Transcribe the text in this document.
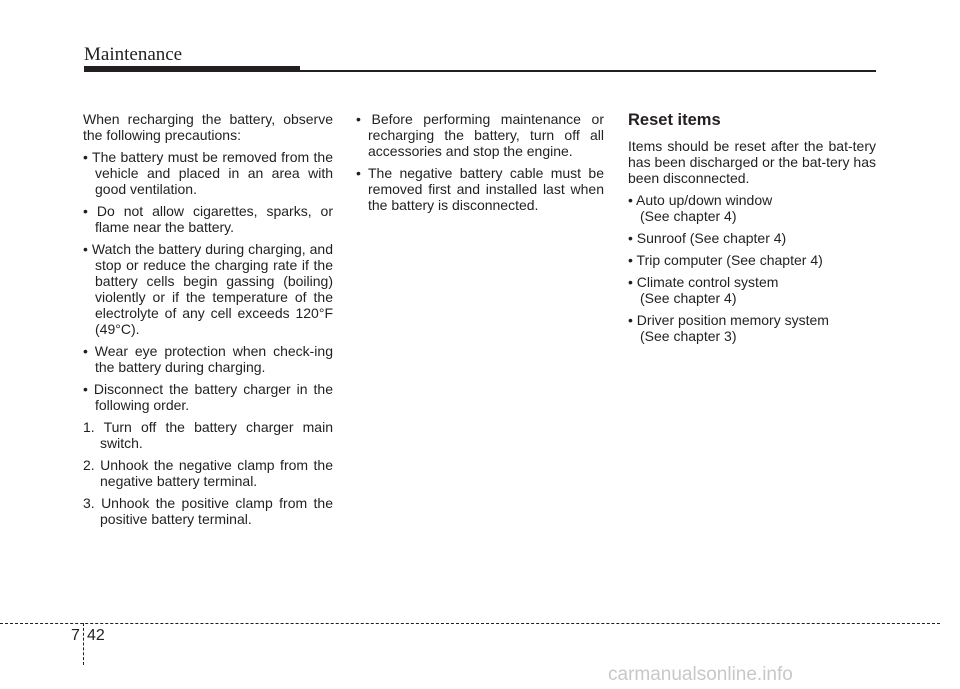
Maintenance

When recharging the battery, observe the following precautions:

• The battery must be removed from the vehicle and placed in an area with good ventilation.

• Do not allow cigarettes, sparks, or flame near the battery.

• Watch the battery during charging, and stop or reduce the charging rate if the battery cells begin gassing (boiling) violently or if the temperature of the electrolyte of any cell exceeds 120°F (49°C).

• Wear eye protection when check-ing the battery during charging.

• Disconnect the battery charger in the following order.

1. Turn off the battery charger main switch.

2. Unhook the negative clamp from the negative battery terminal.

3. Unhook the positive clamp from the positive battery terminal.

• Before performing maintenance or recharging the battery, turn off all accessories and stop the engine.

• The negative battery cable must be removed first and installed last when the battery is disconnected.

Reset items

Items should be reset after the bat-tery has been discharged or the bat-tery has been disconnected.

• Auto up/down window
(See chapter 4)

• Sunroof (See chapter 4)

• Trip computer (See chapter 4)

• Climate control system
(See chapter 4)

• Driver position memory system
(See chapter 3)

7 42
carmanualsonline.info
